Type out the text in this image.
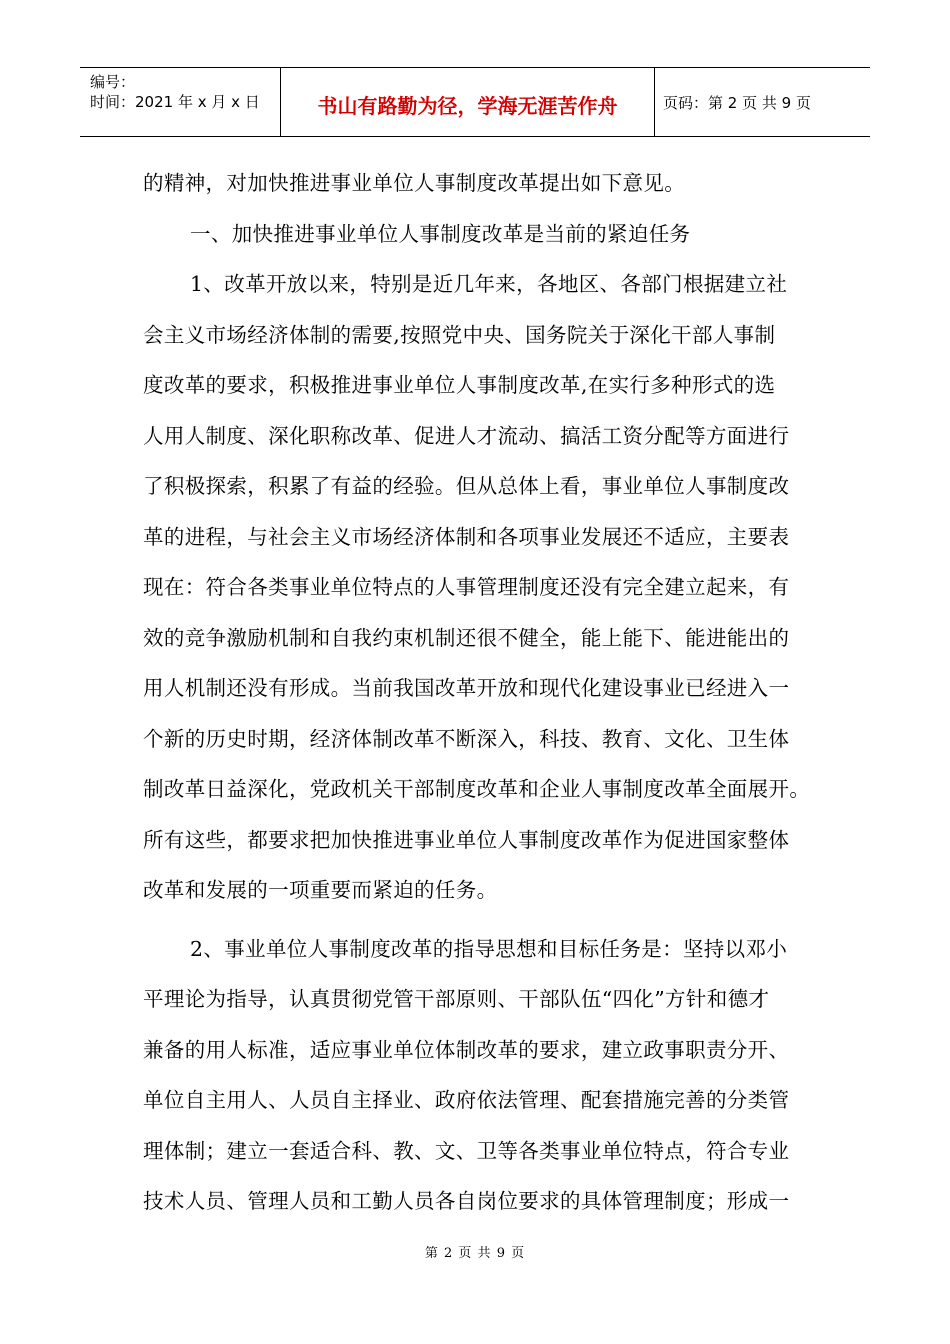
编号：
时间：2021 年 x 月 x 日	书山有路勤为径，学海无涯苦作舟	页码：第 2 页 共 9 页
的精神，对加快推进事业单位人事制度改革提出如下意见。
一、加快推进事业单位人事制度改革是当前的紧迫任务
1、改革开放以来，特别是近几年来，各地区、各部门根据建立社
会主义市场经济体制的需要,按照党中央、国务院关于深化干部人事制
度改革的要求，积极推进事业单位人事制度改革,在实行多种形式的选
人用人制度、深化职称改革、促进人才流动、搞活工资分配等方面进行
了积极探索，积累了有益的经验。但从总体上看，事业单位人事制度改
革的进程，与社会主义市场经济体制和各项事业发展还不适应，主要表
现在：符合各类事业单位特点的人事管理制度还没有完全建立起来，有
效的竞争激励机制和自我约束机制还很不健全，能上能下、能进能出的
用人机制还没有形成。当前我国改革开放和现代化建设事业已经进入一
个新的历史时期，经济体制改革不断深入，科技、教育、文化、卫生体
制改革日益深化，党政机关干部制度改革和企业人事制度改革全面展开。
所有这些，都要求把加快推进事业单位人事制度改革作为促进国家整体
改革和发展的一项重要而紧迫的任务。
2、事业单位人事制度改革的指导思想和目标任务是：坚持以邓小
平理论为指导，认真贯彻党管干部原则、干部队伍“四化”方针和德才
兼备的用人标准，适应事业单位体制改革的要求，建立政事职责分开、
单位自主用人、人员自主择业、政府依法管理、配套措施完善的分类管
理体制；建立一套适合科、教、文、卫等各类事业单位特点，符合专业
技术人员、管理人员和工勤人员各自岗位要求的具体管理制度；形成一
第 2 页 共 9 页
